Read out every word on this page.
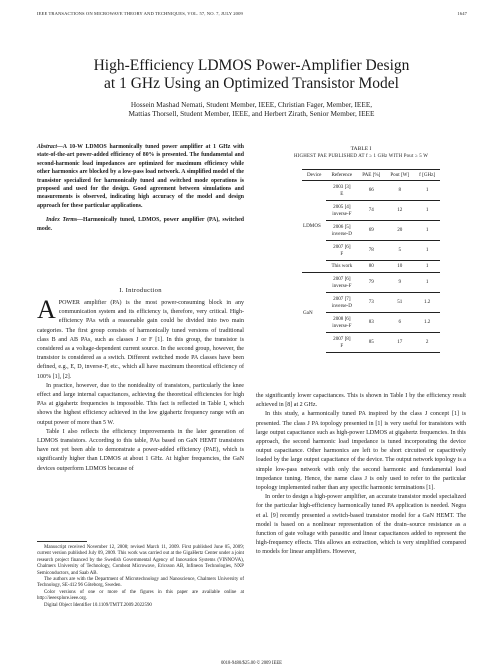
IEEE TRANSACTIONS ON MICROWAVE THEORY AND TECHNIQUES, VOL. 57, NO. 7, JULY 2009	1647
High-Efficiency LDMOS Power-Amplifier Design
at 1 GHz Using an Optimized Transistor Model
Hossein Mashad Nemati, Student Member, IEEE, Christian Fager, Member, IEEE,
Mattias Thorsell, Student Member, IEEE, and Herbert Zirath, Senior Member, IEEE
Abstract—A 10-W LDMOS harmonically tuned power amplifier at 1 GHz with state-of-the-art power-added efficiency of 80% is presented. The fundamental and second-harmonic load impedances are optimized for maximum efficiency while other harmonics are blocked by a low-pass load network. A simplified model of the transistor specialized for harmonically tuned and switched mode operations is proposed and used for the design. Good agreement between simulations and measurements is observed, indicating high accuracy of the model and design approach for these particular applications.
Index Terms—Harmonically tuned, LDMOS, power amplifier (PA), switched mode.
I. Introduction

APOWER amplifier (PA) is the most power-consuming block in any communication system and its efficiency is, therefore, very critical. High-efficiency PAs with a reasonable gain could be divided into two main categories. The first group consists of harmonically tuned versions of traditional class B and AB PAs, such as classes J or F [1]. In this group, the transistor is considered as a voltage-dependent current source. In the second group, however, the transistor is considered as a switch. Different switched mode PA classes have been defined, e.g., E, D, inverse-F, etc., which all have maximum theoretical efficiency of 100% [1], [2].

In practice, however, due to the nonideality of transistors, particularly the knee effect and large internal capacitances, achieving the theoretical efficiencies for high PAs at gigahertz frequencies is impossible. This fact is reflected in Table I, which shows the highest efficiency achieved in the low gigahertz frequency range with an output power of more than 5 W.

Table I also reflects the efficiency improvements in the later generation of LDMOS transistors. According to this table, PAs based on GaN HEMT transistors have not yet been able to demonstrate a power-added efficiency (PAE), which is significantly higher than LDMOS at about 1 GHz. At higher frequencies, the GaN devices outperform LDMOS because of

Manuscript received November 12, 2008; revised March 11, 2009. First published June 05, 2009; current version published July 09, 2009. This work was carried out at the GigaHertz Center under a joint research project financed by the Swedish Governmental Agency of Innovation Systems (VINNOVA), Chalmers University of Technology, Comheat Microwave, Ericsson AB, Infineon Technologies, NXP Semiconductors, and Saab AB.

The authors are with the Department of Microtechnology and Nanoscience, Chalmers University of Technology, SE-412 96 Göteborg, Sweden.

Color versions of one or more of the figures in this paper are available online at http://ieeexplore.ieee.org.

Digital Object Identifier 10.1109/TMTT.2009.2022590

TABLE I
HIGHEST PAE PUBLISHED AT f ≥ 1 GHz WITH Pout ≥ 5 W
Device	Reference	PAE [%]	Pout [W]	f [GHz]
LDMOS	2003 [3]
E	66	8	1
	2005 [4]
inverse-F	74	12	1
	2006 [5]
inverse-D	69	20	1
	2007 [6]
F	78	5	1
	This work	80	10	1
GaN	2007 [6]
inverse-F	79	9	1
	2007 [7]
inverse-D	73	51	1.2
	2008 [6]
inverse-F	83	6	1.2
	2007 [8]
F	85	17	2

the significantly lower capacitances. This is shown in Table I by the efficiency result achieved in [8] at 2 GHz.

In this study, a harmonically tuned PA inspired by the class J concept [1] is presented. The class J PA topology presented in [1] is very useful for transistors with large output capacitance such as high-power LDMOS at gigahertz frequencies. In this approach, the second harmonic load impedance is tuned incorporating the device output capacitance. Other harmonics are left to be short circuited or capacitively loaded by the large output capacitance of the device. The output network topology is a simple low-pass network with only the second harmonic and fundamental load impedance tuning. Hence, the name class J is only used to refer to the particular topology implemented rather than any specific harmonic terminations [1].

In order to design a high-power amplifier, an accurate transistor model specialized for the particular high-efficiency harmonically tuned PA application is needed. Negra et al. [9] recently presented a switch-based transistor model for a GaN HEMT. The model is based on a nonlinear representation of the drain–source resistance as a function of gate voltage with parasitic and linear capacitances added to represent the high-frequency effects. This allows an extraction, which is very simplified compared to models for linear amplifiers. However,

0018-9480/$25.00 © 2009 IEEE
